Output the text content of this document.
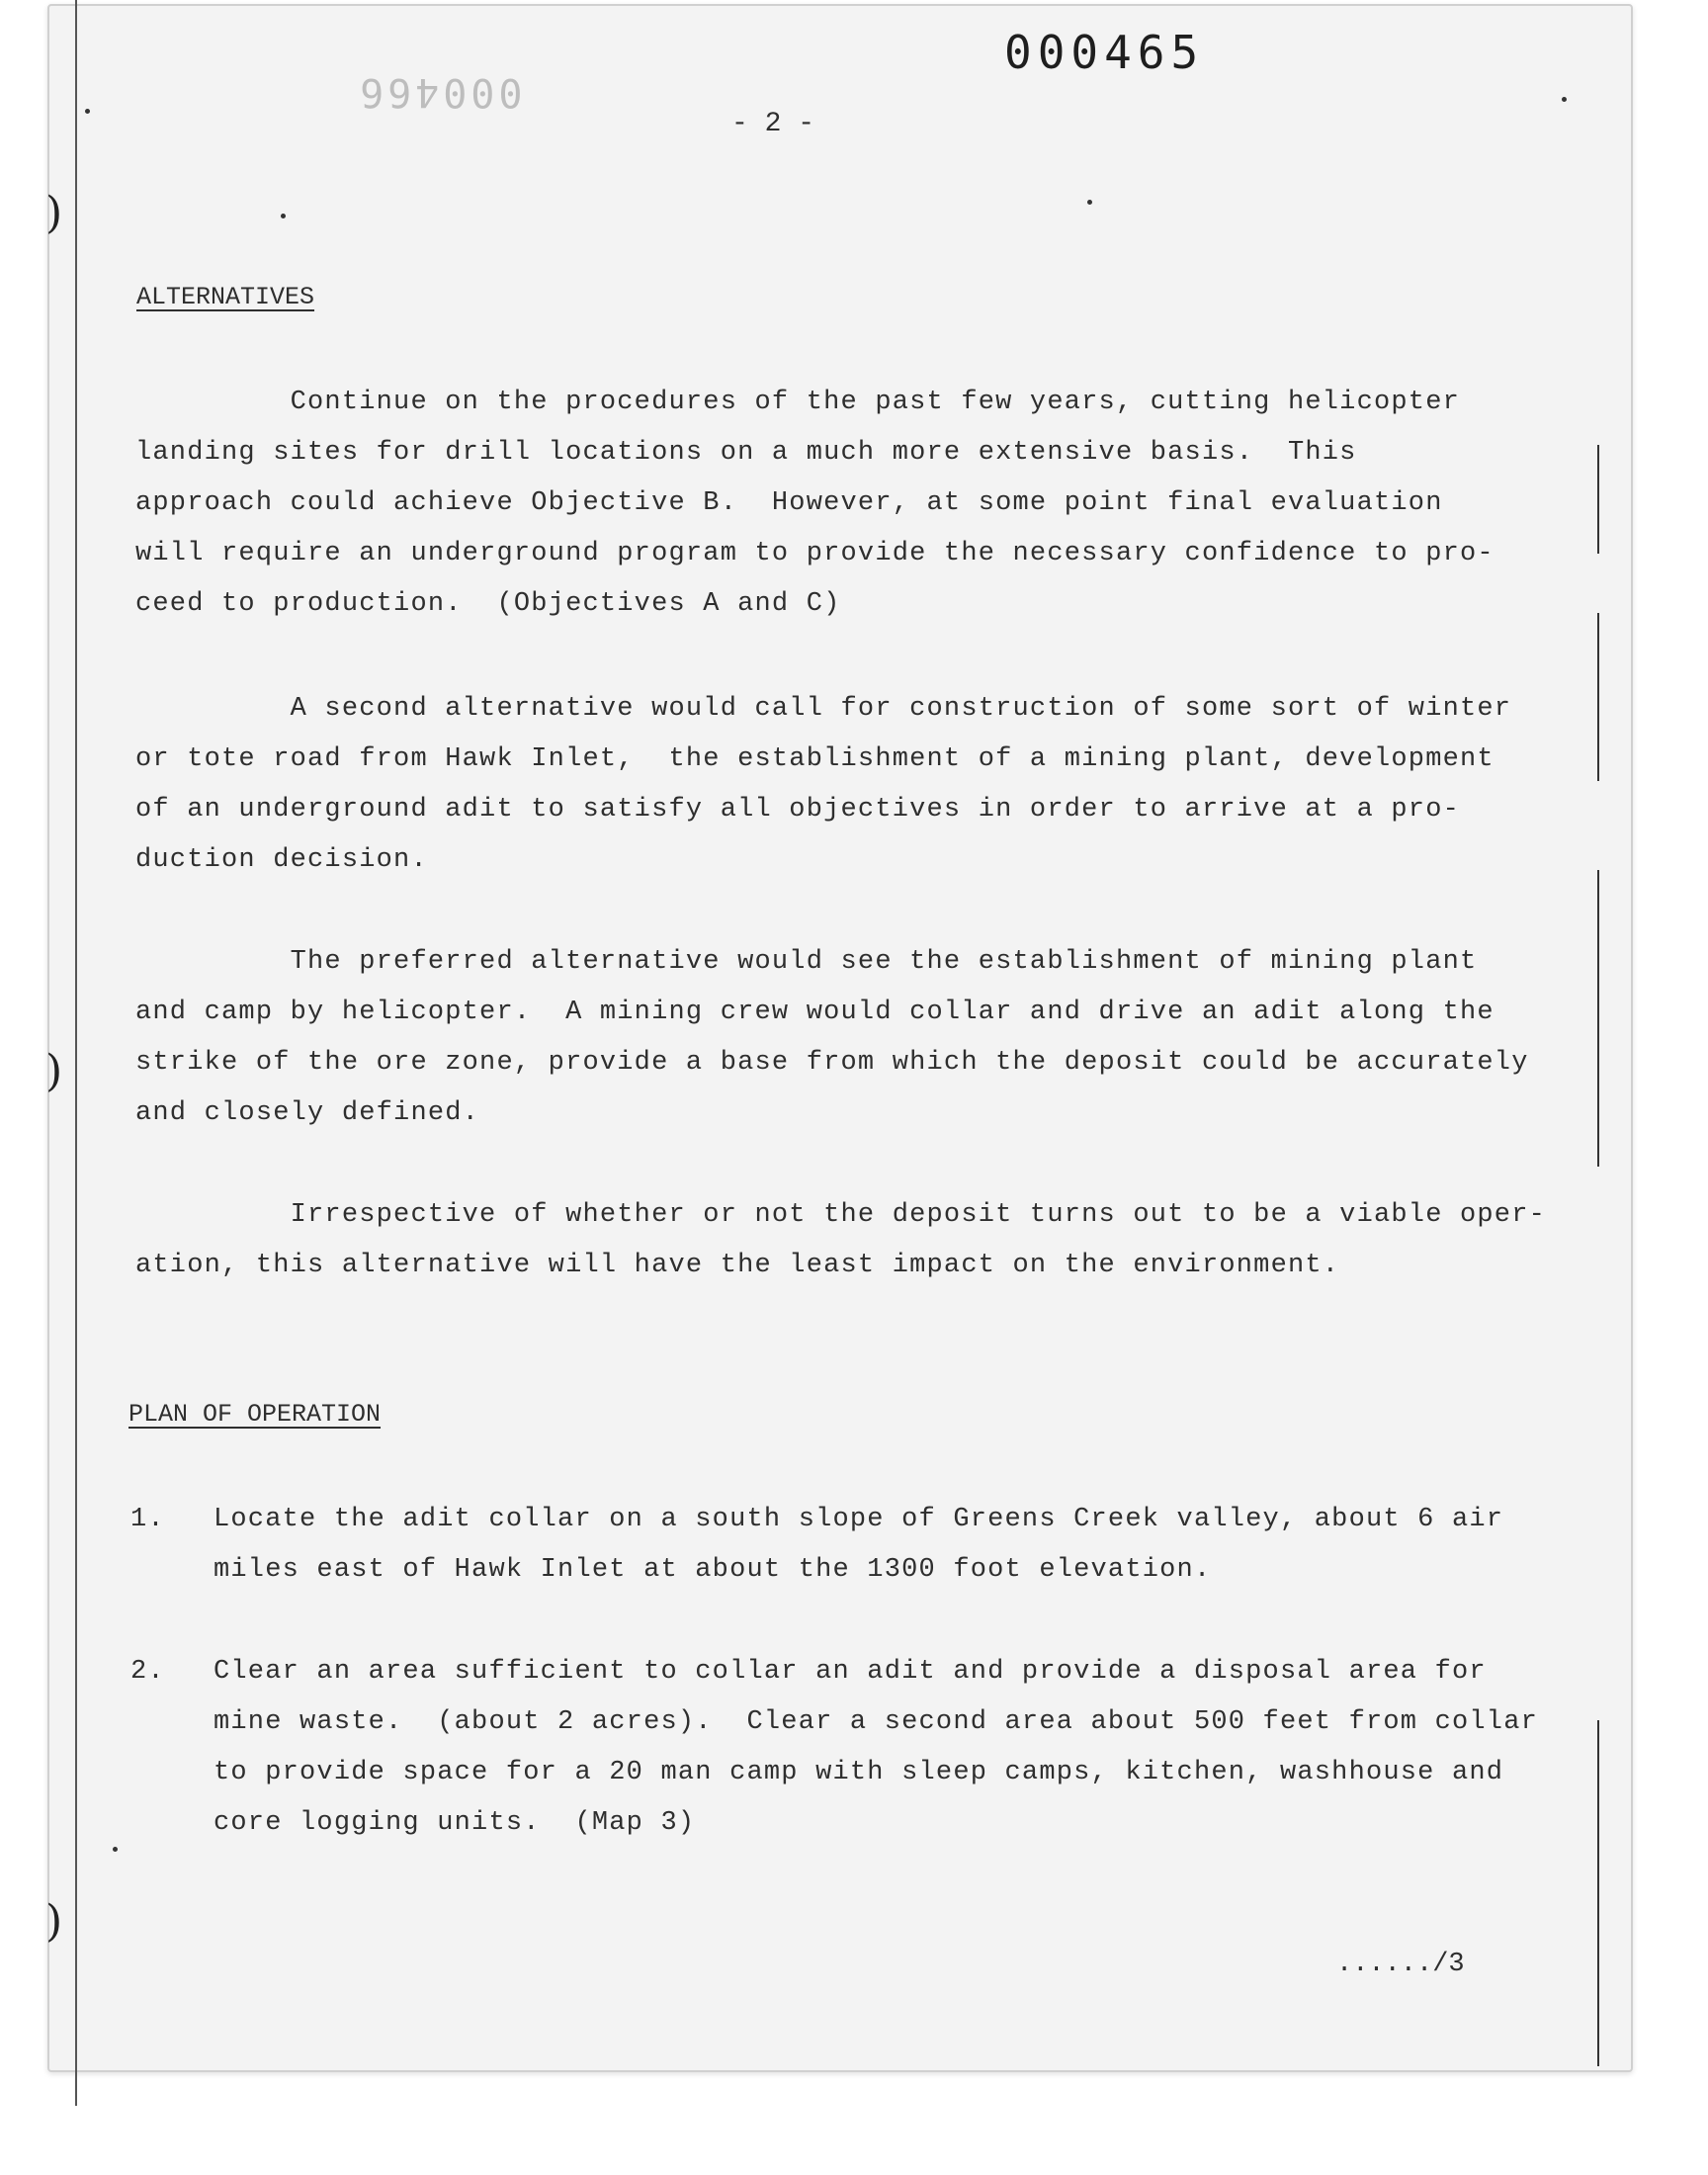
)
)
)
000465
000466
- 2 -
ALTERNATIVES
Continue on the procedures of the past few years, cutting helicopter
landing sites for drill locations on a much more extensive basis.  This
approach could achieve Objective B.  However, at some point final evaluation
will require an underground program to provide the necessary confidence to pro-
ceed to production.  (Objectives A and C)
A second alternative would call for construction of some sort of winter
or tote road from Hawk Inlet,  the establishment of a mining plant, development
of an underground adit to satisfy all objectives in order to arrive at a pro-
duction decision.
The preferred alternative would see the establishment of mining plant
and camp by helicopter.  A mining crew would collar and drive an adit along the
strike of the ore zone, provide a base from which the deposit could be accurately
and closely defined.
Irrespective of whether or not the deposit turns out to be a viable oper-
ation, this alternative will have the least impact on the environment.
PLAN OF OPERATION
1. Locate the adit collar on a south slope of Greens Creek valley, about 6 air
miles east of Hawk Inlet at about the 1300 foot elevation.
2. Clear an area sufficient to collar an adit and provide a disposal area for
mine waste.  (about 2 acres).  Clear a second area about 500 feet from collar
to provide space for a 20 man camp with sleep camps, kitchen, washhouse and
core logging units.  (Map 3)
....../3
